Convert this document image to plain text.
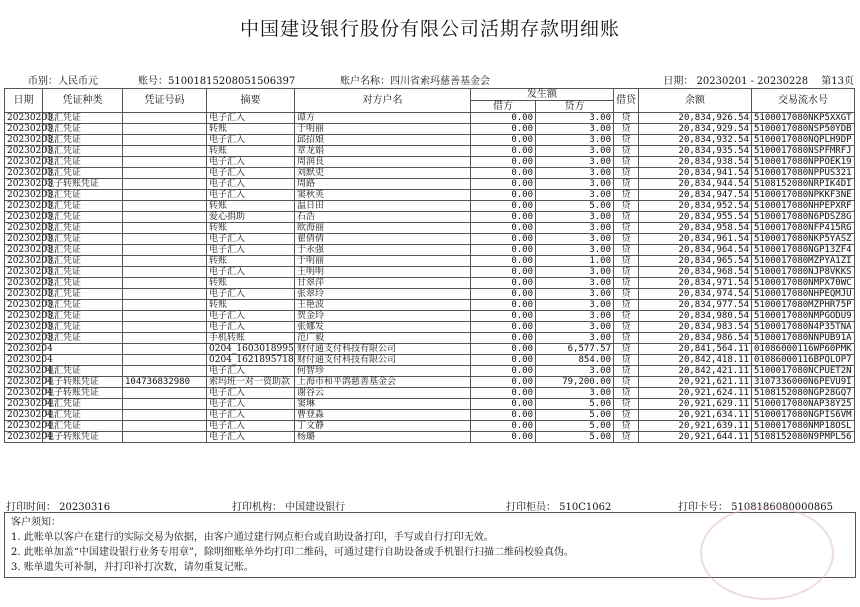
中国建设银行股份有限公司活期存款明细账
币别：人民币元	账号：51001815208051506397	账户名称：四川省索玛慈善基金会	日期： 20230201 - 20230228 第13页
日期	凭证种类	凭证号码	摘要	对方户名	发生额		借贷	余额	交易流水号
					借方	贷方			
20230203	电汇凭证		电子汇入	谭方	0.00	3.00	贷	20,834,926.54	5100017080NKP5XXGT
20230203	电汇凭证		转账	于明丽	0.00	3.00	贷	20,834,929.54	5100017080NSP50YDB
20230203	电汇凭证		电子汇入	邱招娘	0.00	3.00	贷	20,834,932.54	5100017080NQPLH9DP
20230203	电汇凭证		转账	章龙娟	0.00	3.00	贷	20,834,935.54	5100017080NSPFMRFJ
20230203	电汇凭证		电子汇入	周润良	0.00	3.00	贷	20,834,938.54	5100017080NPPOEK19
20230203	电汇凭证		电子汇入	刘默吏	0.00	3.00	贷	20,834,941.54	5100017080NPPUS321
20230203	电子转账凭证		电子汇入	周路	0.00	3.00	贷	20,834,944.54	5108152080NRPIK4DI
20230203	电汇凭证		电子汇入	窦秋英	0.00	3.00	贷	20,834,947.54	5100017080NPKKF3NE
20230203	电汇凭证		转账	温日田	0.00	5.00	贷	20,834,952.54	5100017080NHPEPXRF
20230203	电汇凭证		爱心捐助	石浩	0.00	3.00	贷	20,834,955.54	5100017080N6PDSZ8G
20230203	电汇凭证		转账	欧海丽	0.00	3.00	贷	20,834,958.54	5100017080NFP415RG
20230203	电汇凭证		电子汇入	翟倩倩	0.00	3.00	贷	20,834,961.54	5100017080NKP5YASZ
20230203	电汇凭证		电子汇入	于永强	0.00	3.00	贷	20,834,964.54	5100017080NGP13ZF4
20230203	电汇凭证		转账	于明丽	0.00	1.00	贷	20,834,965.54	5100017080MZPYA1ZI
20230203	电汇凭证		电子汇入	王明明	0.00	3.00	贷	20,834,968.54	5100017080NJP8VKKS
20230203	电汇凭证		转账	甘翠萍	0.00	3.00	贷	20,834,971.54	5100017080NMPX70WC
20230203	电汇凭证		电子汇入	张翠玲	0.00	3.00	贷	20,834,974.54	5100017080NHPEQMJU
20230203	电汇凭证		转账	王艳波	0.00	3.00	贷	20,834,977.54	5100017080MZPHR75P
20230203	电汇凭证		电子汇入	贺金玲	0.00	3.00	贷	20,834,980.54	5100017080NMPGODU9
20230203	电汇凭证		电子汇入	张娜发	0.00	3.00	贷	20,834,983.54	5100017080N4P35TNA
20230203	电汇凭证		手机转账	范广毅	0.00	3.00	贷	20,834,986.54	5100017080NNPUB91A
20230204			0204_1603018995	财付通支付科技有限公司	0.00	6,577.57	贷	20,841,564.11	01086000116WP60PMK
20230204			0204_1621895718	财付通支付科技有限公司	0.00	854.00	贷	20,842,418.11	01086000116BPQLOP7
20230204	电汇凭证		电子汇入	何智珍	0.00	3.00	贷	20,842,421.11	5100017080NCPUET2N
20230204	电子转账凭证	104736832980	索玛班一对一资助款	上海市和平鸽慈善基金会	0.00	79,200.00	贷	20,921,621.11	3107336000N6PEVU9I
20230204	电子转账凭证		电子汇入	谢谷云	0.00	3.00	贷	20,921,624.11	5108152080NGP28GQ7
20230204	电汇凭证		电子汇入	窦琳	0.00	5.00	贷	20,921,629.11	5100017080NAP38Y25
20230204	电汇凭证		电子汇入	曹登淼	0.00	5.00	贷	20,921,634.11	5100017080NGPIS6VM
20230204	电汇凭证		电子汇入	丁文静	0.00	5.00	贷	20,921,639.11	5100017080NMP18OSL
20230204	电子转账凭证		电子汇入	杨璐	0.00	5.00	贷	20,921,644.11	5108152080N9PMPL56
打印时间： 20230316	打印机构： 中国建设银行	打印柜员： 510C1062	打印卡号： 5108186080000865
客户须知：
1. 此账单以客户在建行的实际交易为依据，由客户通过建行网点柜台或自助设备打印，手写或自行打印无效。
2. 此账单加盖“中国建设银行业务专用章”，除明细账单外均打印二维码，可通过建行自助设备或手机银行扫描二维码校验真伪。
3. 账单遗失可补制，并打印补打次数，请勿重复记账。
